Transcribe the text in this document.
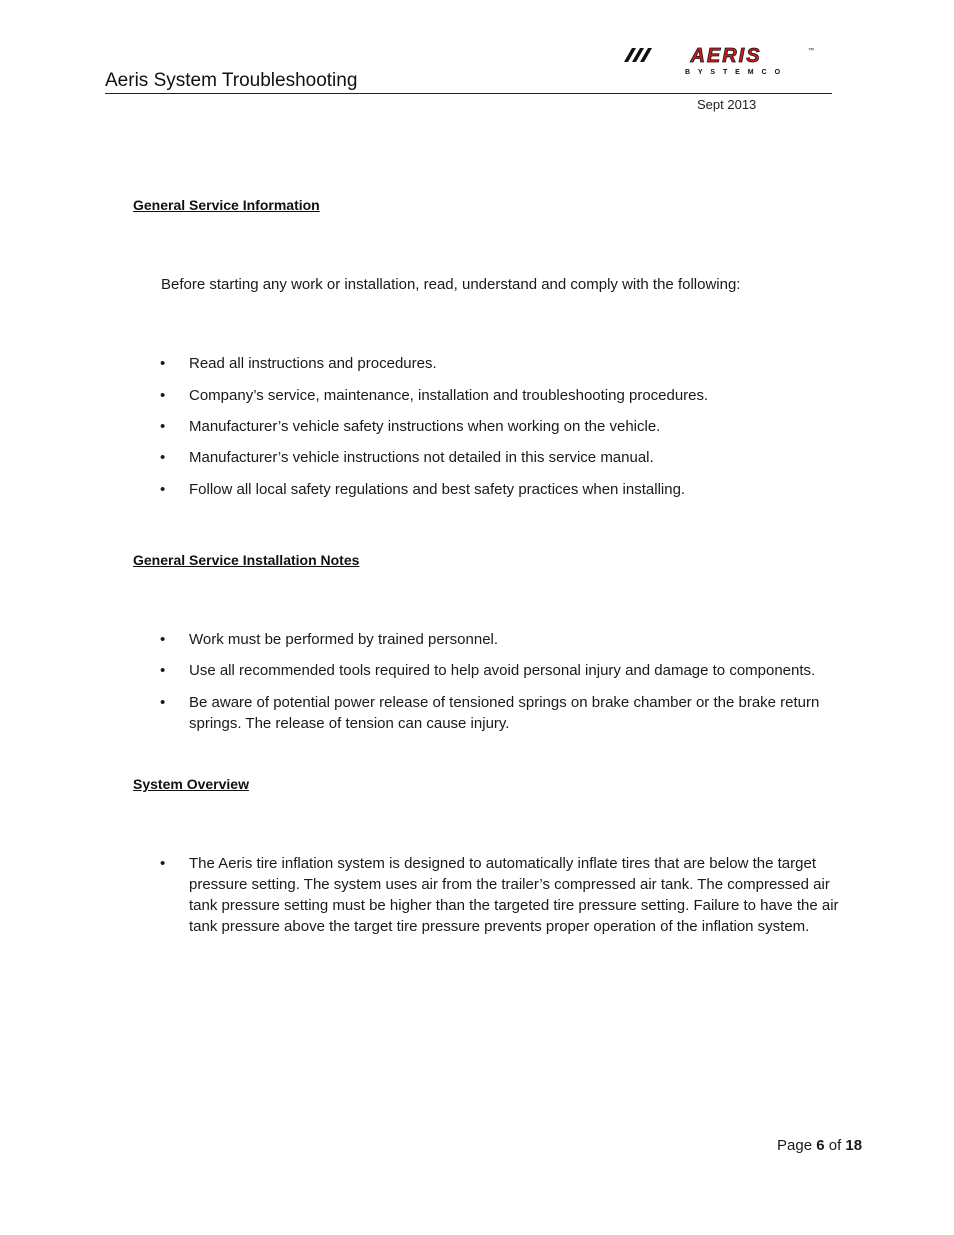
Aeris System Troubleshooting
Sept 2013
AERIS	™
B Y S T E M C O
General Service Information
Before starting any work or installation, read, understand and comply with the following:
• Read all instructions and procedures.
• Company’s service, maintenance, installation and troubleshooting procedures.
• Manufacturer’s vehicle safety instructions when working on the vehicle.
• Manufacturer’s vehicle instructions not detailed in this service manual.
• Follow all local safety regulations and best safety practices when installing.
General Service Installation Notes
• Work must be performed by trained personnel.
• Use all recommended tools required to help avoid personal injury and damage to components.
• Be aware of potential power release of tensioned springs on brake chamber or the brake return springs. The release of tension can cause injury.
System Overview
• The Aeris tire inflation system is designed to automatically inflate tires that are below the target pressure setting. The system uses air from the trailer’s compressed air tank. The compressed air tank pressure setting must be higher than the targeted tire pressure setting. Failure to have the air tank pressure above the target tire pressure prevents proper operation of the inflation system.
Page 6 of 18
